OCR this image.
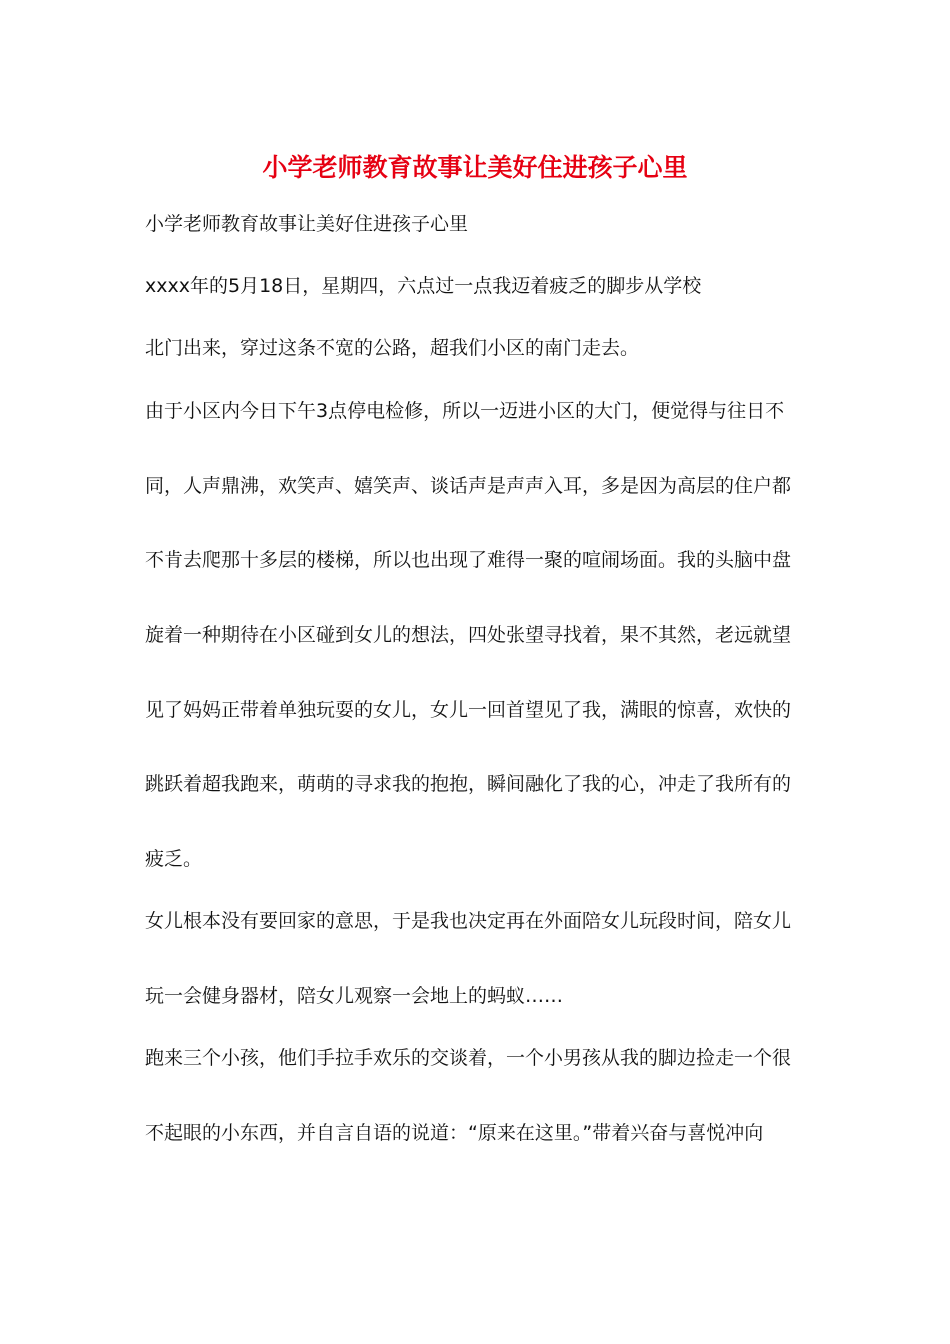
小学老师教育故事让美好住进孩子心里
小学老师教育故事让美好住进孩子心里
xxxx年的5月18日，星期四，六点过一点我迈着疲乏的脚步从学校
北门出来，穿过这条不宽的公路，超我们小区的南门走去。
由于小区内今日下午3点停电检修，所以一迈进小区的大门，便觉得与往日不
同，人声鼎沸，欢笑声、嬉笑声、谈话声是声声入耳，多是因为高层的住户都
不肯去爬那十多层的楼梯，所以也出现了难得一聚的喧闹场面。我的头脑中盘
旋着一种期待在小区碰到女儿的想法，四处张望寻找着，果不其然，老远就望
见了妈妈正带着单独玩耍的女儿，女儿一回首望见了我，满眼的惊喜，欢快的
跳跃着超我跑来，萌萌的寻求我的抱抱，瞬间融化了我的心，冲走了我所有的
疲乏。
女儿根本没有要回家的意思，于是我也决定再在外面陪女儿玩段时间，陪女儿
玩一会健身器材，陪女儿观察一会地上的蚂蚁……
跑来三个小孩，他们手拉手欢乐的交谈着，一个小男孩从我的脚边捡走一个很
不起眼的小东西，并自言自语的说道：“原来在这里。”带着兴奋与喜悦冲向
